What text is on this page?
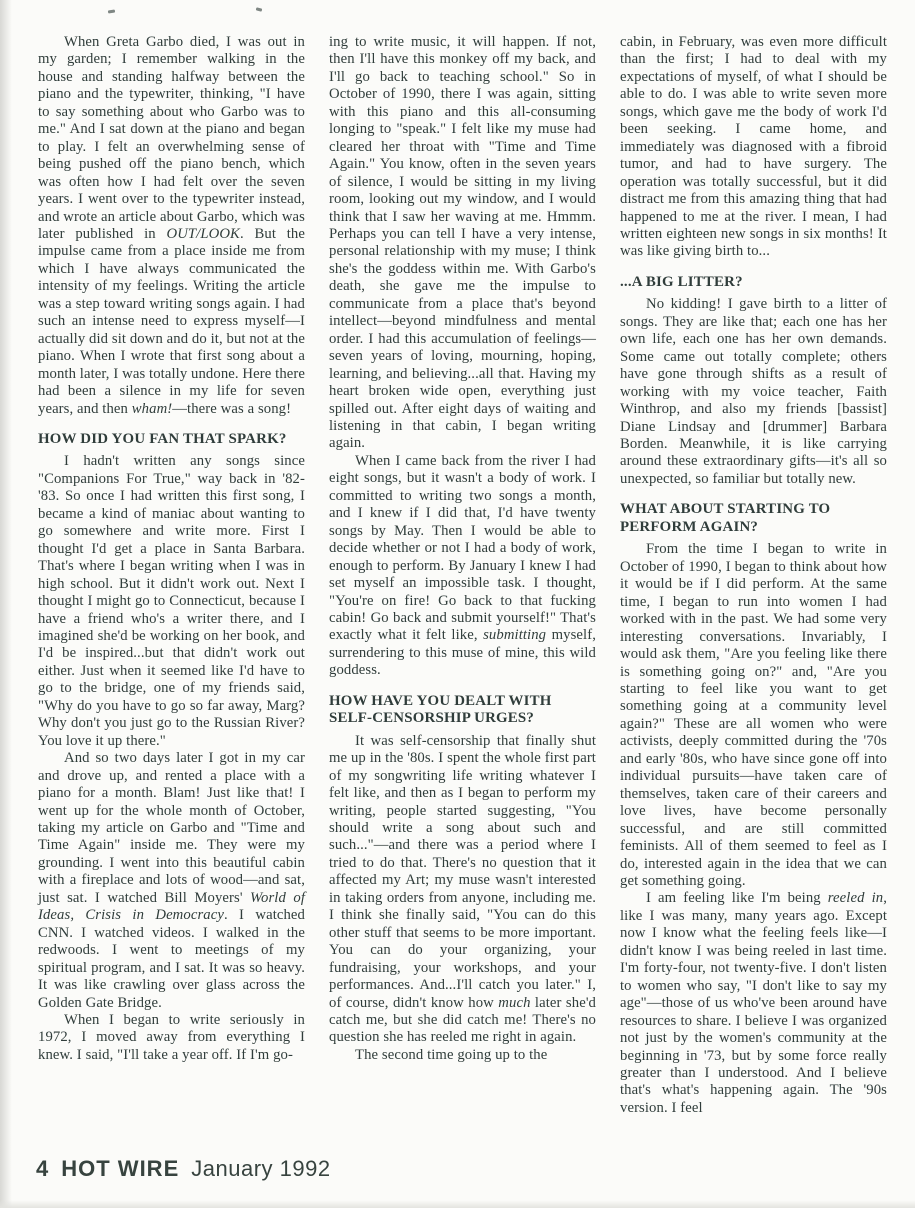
When Greta Garbo died, I was out in my garden; I remember walking in the house and standing halfway between the piano and the typewriter, thinking, "I have to say something about who Garbo was to me." And I sat down at the piano and began to play. I felt an overwhelming sense of being pushed off the piano bench, which was often how I had felt over the seven years. I went over to the typewriter instead, and wrote an article about Garbo, which was later published in OUT/LOOK. But the impulse came from a place inside me from which I have always communicated the intensity of my feelings. Writing the article was a step toward writing songs again. I had such an intense need to express myself—I actually did sit down and do it, but not at the piano. When I wrote that first song about a month later, I was totally undone. Here there had been a silence in my life for seven years, and then wham!—there was a song!

HOW DID YOU FAN THAT SPARK?

I hadn't written any songs since "Companions For True," way back in '82-'83. So once I had written this first song, I became a kind of maniac about wanting to go somewhere and write more. First I thought I'd get a place in Santa Barbara. That's where I began writing when I was in high school. But it didn't work out. Next I thought I might go to Connecticut, because I have a friend who's a writer there, and I imagined she'd be working on her book, and I'd be inspired...but that didn't work out either. Just when it seemed like I'd have to go to the bridge, one of my friends said, "Why do you have to go so far away, Marg? Why don't you just go to the Russian River? You love it up there."

And so two days later I got in my car and drove up, and rented a place with a piano for a month. Blam! Just like that! I went up for the whole month of October, taking my article on Garbo and "Time and Time Again" inside me. They were my grounding. I went into this beautiful cabin with a fireplace and lots of wood—and sat, just sat. I watched Bill Moyers' World of Ideas, Crisis in Democracy. I watched CNN. I watched videos. I walked in the redwoods. I went to meetings of my spiritual program, and I sat. It was so heavy. It was like crawling over glass across the Golden Gate Bridge.

When I began to write seriously in 1972, I moved away from everything I knew. I said, "I'll take a year off. If I'm go-

ing to write music, it will happen. If not, then I'll have this monkey off my back, and I'll go back to teaching school." So in October of 1990, there I was again, sitting with this piano and this all-consuming longing to "speak." I felt like my muse had cleared her throat with "Time and Time Again." You know, often in the seven years of silence, I would be sitting in my living room, looking out my window, and I would think that I saw her waving at me. Hmmm. Perhaps you can tell I have a very intense, personal relationship with my muse; I think she's the goddess within me. With Garbo's death, she gave me the impulse to communicate from a place that's beyond intellect—beyond mindfulness and mental order. I had this accumulation of feelings—seven years of loving, mourning, hoping, learning, and believing...all that. Having my heart broken wide open, everything just spilled out. After eight days of waiting and listening in that cabin, I began writing again.

When I came back from the river I had eight songs, but it wasn't a body of work. I committed to writing two songs a month, and I knew if I did that, I'd have twenty songs by May. Then I would be able to decide whether or not I had a body of work, enough to perform. By January I knew I had set myself an impossible task. I thought, "You're on fire! Go back to that fucking cabin! Go back and submit yourself!" That's exactly what it felt like, submitting myself, surrendering to this muse of mine, this wild goddess.

HOW HAVE YOU DEALT WITH SELF-CENSORSHIP URGES?

It was self-censorship that finally shut me up in the '80s. I spent the whole first part of my songwriting life writing whatever I felt like, and then as I began to perform my writing, people started suggesting, "You should write a song about such and such..."—and there was a period where I tried to do that. There's no question that it affected my Art; my muse wasn't interested in taking orders from anyone, including me. I think she finally said, "You can do this other stuff that seems to be more important. You can do your organizing, your fundraising, your workshops, and your performances. And...I'll catch you later." I, of course, didn't know how much later she'd catch me, but she did catch me! There's no question she has reeled me right in again.

The second time going up to the

cabin, in February, was even more difficult than the first; I had to deal with my expectations of myself, of what I should be able to do. I was able to write seven more songs, which gave me the body of work I'd been seeking. I came home, and immediately was diagnosed with a fibroid tumor, and had to have surgery. The operation was totally successful, but it did distract me from this amazing thing that had happened to me at the river. I mean, I had written eighteen new songs in six months! It was like giving birth to...

...A BIG LITTER?

No kidding! I gave birth to a litter of songs. They are like that; each one has her own life, each one has her own demands. Some came out totally complete; others have gone through shifts as a result of working with my voice teacher, Faith Winthrop, and also my friends [bassist] Diane Lindsay and [drummer] Barbara Borden. Meanwhile, it is like carrying around these extraordinary gifts—it's all so unexpected, so familiar but totally new.

WHAT ABOUT STARTING TO PERFORM AGAIN?

From the time I began to write in October of 1990, I began to think about how it would be if I did perform. At the same time, I began to run into women I had worked with in the past. We had some very interesting conversations. Invariably, I would ask them, "Are you feeling like there is something going on?" and, "Are you starting to feel like you want to get something going at a community level again?" These are all women who were activists, deeply committed during the '70s and early '80s, who have since gone off into individual pursuits—have taken care of themselves, taken care of their careers and love lives, have become personally successful, and are still committed feminists. All of them seemed to feel as I do, interested again in the idea that we can get something going.

I am feeling like I'm being reeled in, like I was many, many years ago. Except now I know what the feeling feels like—I didn't know I was being reeled in last time. I'm forty-four, not twenty-five. I don't listen to women who say, "I don't like to say my age"—those of us who've been around have resources to share. I believe I was organized not just by the women's community at the beginning in '73, but by some force really greater than I understood. And I believe that's what's happening again. The '90s version. I feel

4 HOT WIRE January 1992
